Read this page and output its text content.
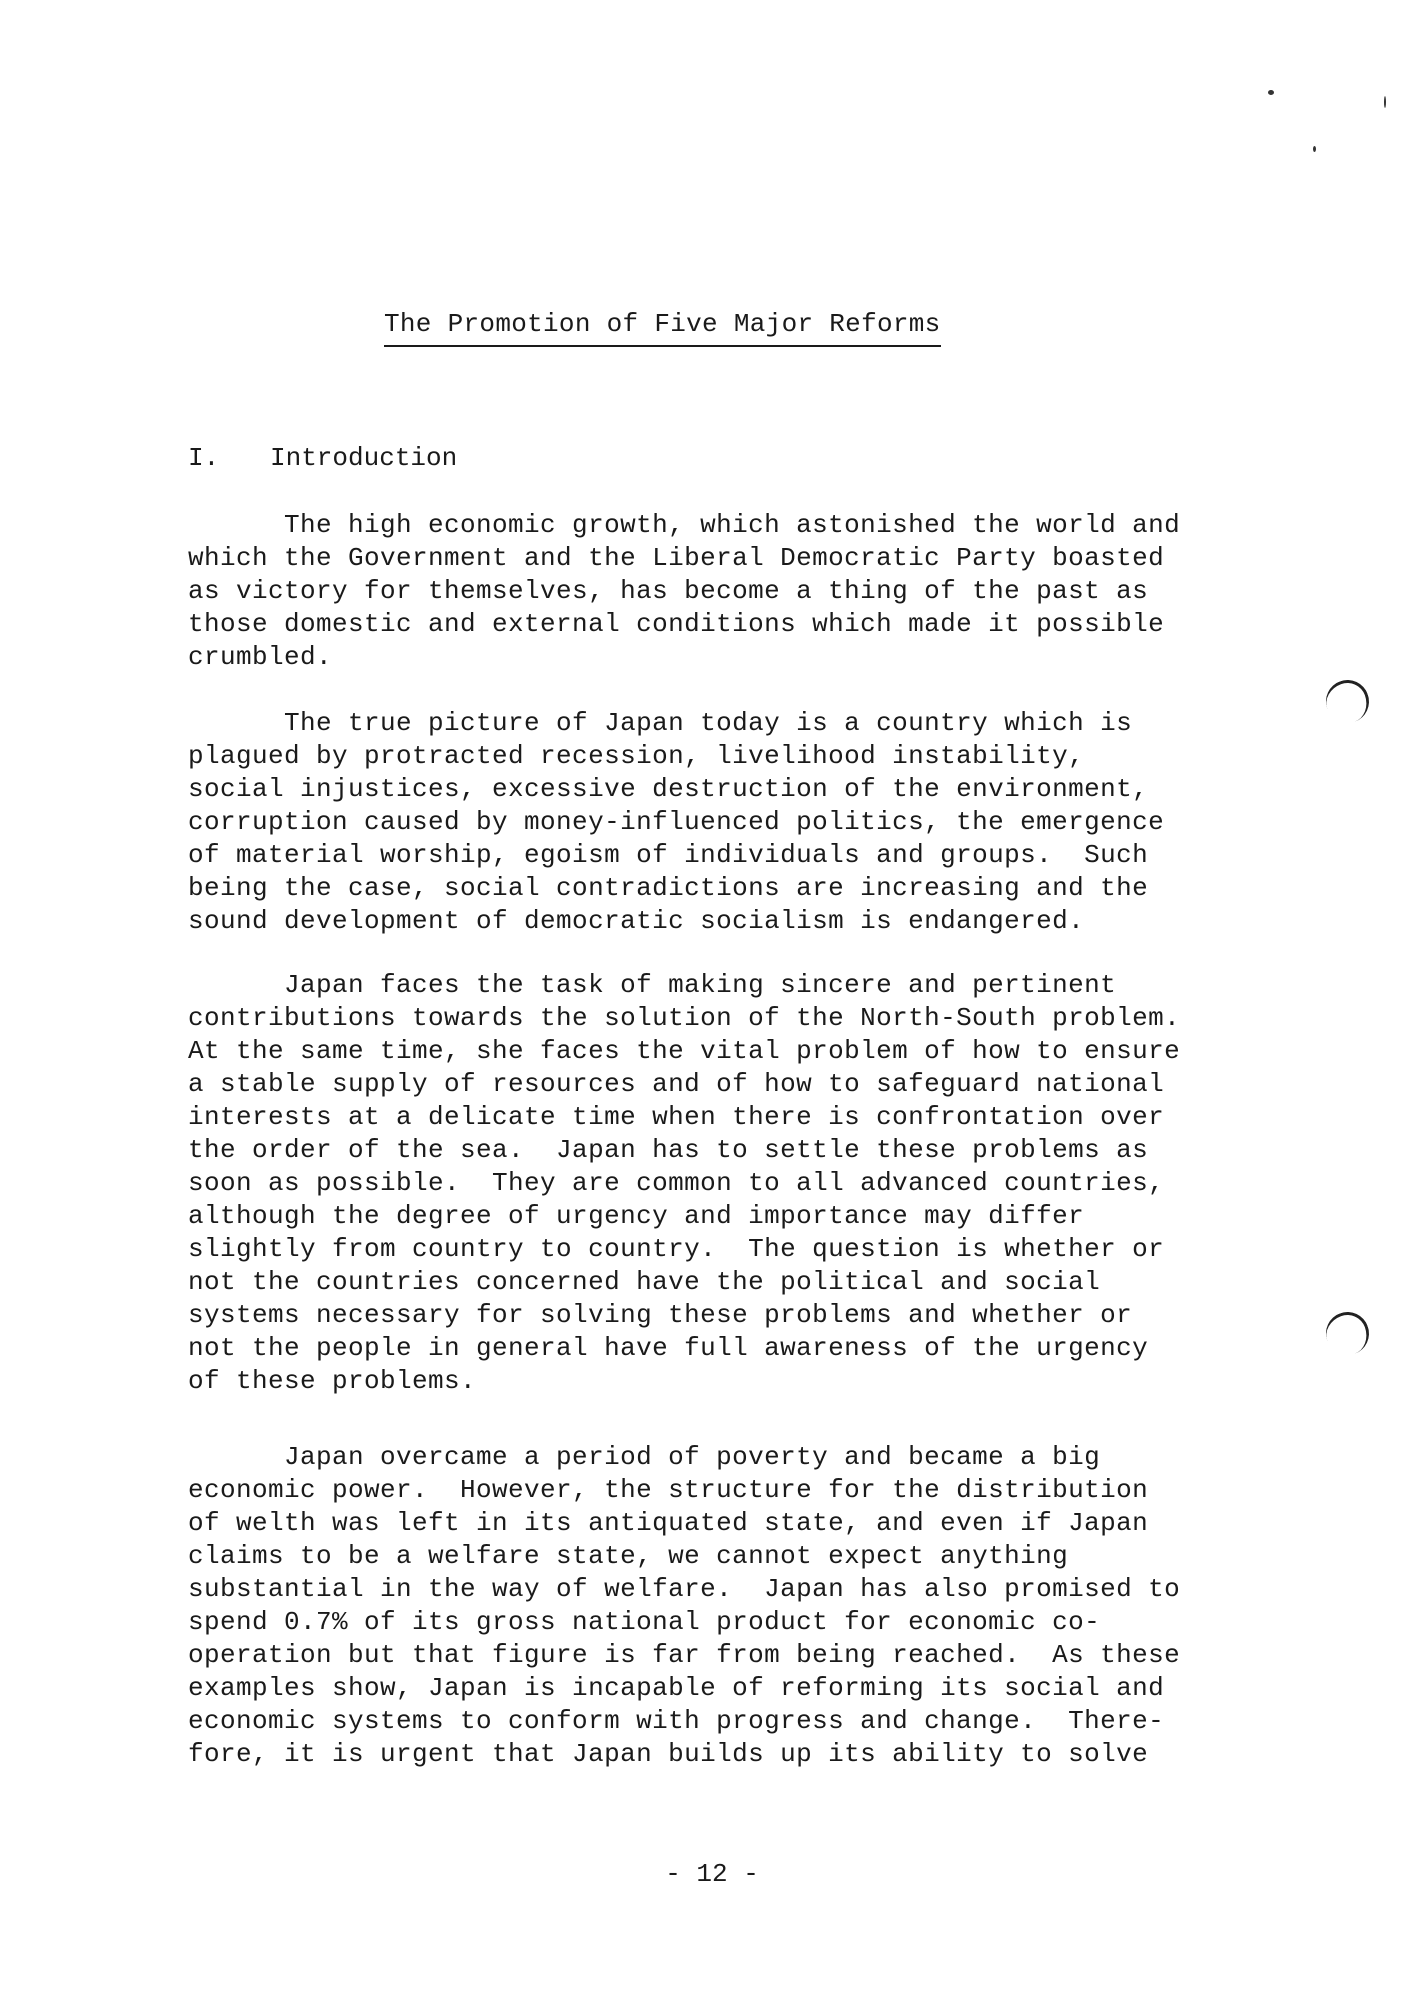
The Promotion of Five Major Reforms
I. Introduction

The high economic growth, which astonished the world and
which the Government and the Liberal Democratic Party boasted
as victory for themselves, has become a thing of the past as
those domestic and external conditions which made it possible
crumbled.

The true picture of Japan today is a country which is
plagued by protracted recession, livelihood instability,
social injustices, excessive destruction of the environment,
corruption caused by money-influenced politics, the emergence
of material worship, egoism of individuals and groups.  Such
being the case, social contradictions are increasing and the
sound development of democratic socialism is endangered.

Japan faces the task of making sincere and pertinent
contributions towards the solution of the North-South problem.
At the same time, she faces the vital problem of how to ensure
a stable supply of resources and of how to safeguard national
interests at a delicate time when there is confrontation over
the order of the sea.  Japan has to settle these problems as
soon as possible.  They are common to all advanced countries,
although the degree of urgency and importance may differ
slightly from country to country.  The question is whether or
not the countries concerned have the political and social
systems necessary for solving these problems and whether or
not the people in general have full awareness of the urgency
of these problems.

Japan overcame a period of poverty and became a big
economic power.  However, the structure for the distribution
of welth was left in its antiquated state, and even if Japan
claims to be a welfare state, we cannot expect anything
substantial in the way of welfare.  Japan has also promised to
spend 0.7% of its gross national product for economic co-
operation but that figure is far from being reached.  As these
examples show, Japan is incapable of reforming its social and
economic systems to conform with progress and change.  There-
fore, it is urgent that Japan builds up its ability to solve

- 12 -
